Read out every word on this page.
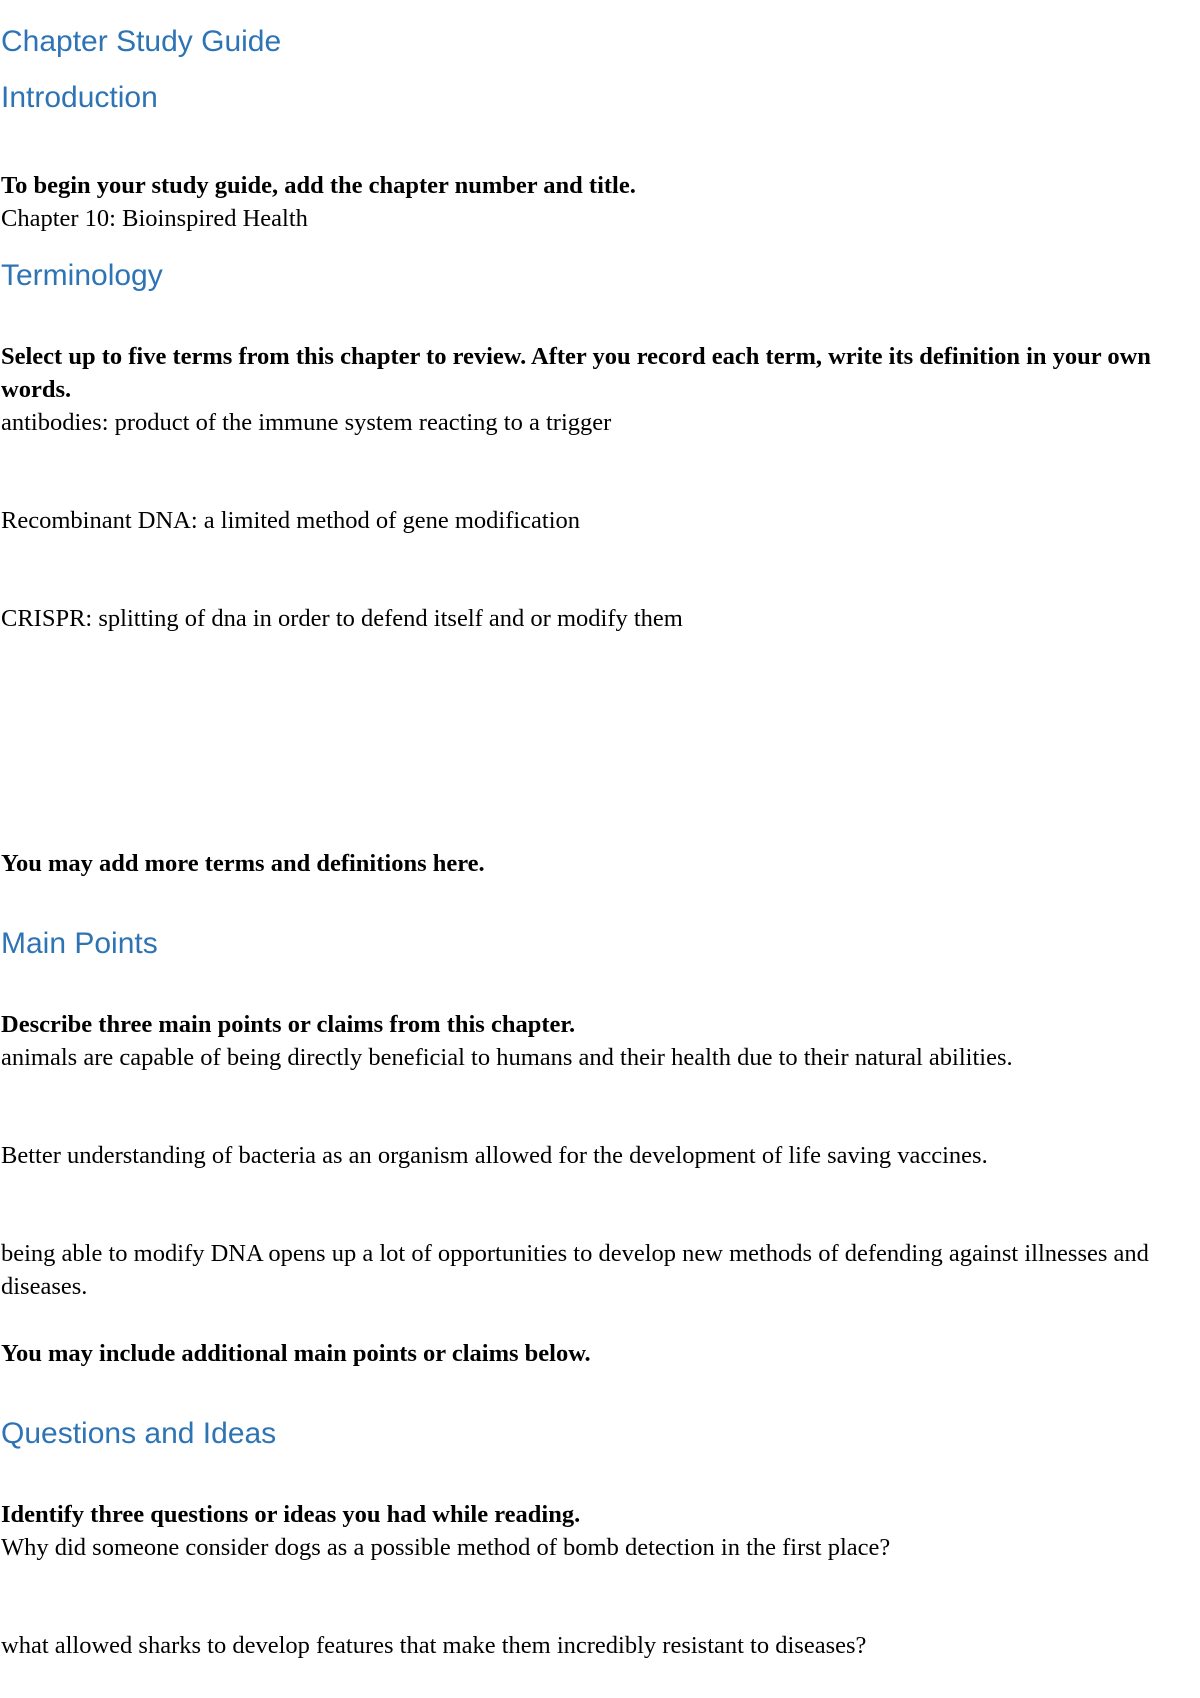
Chapter Study Guide
Introduction

To begin your study guide, add the chapter number and title.

Chapter 10: Bioinspired Health

Terminology

Select up to five terms from this chapter to review. After you record each term, write its definition in your own words.

antibodies: product of the immune system reacting to a trigger

Recombinant DNA: a limited method of gene modification

CRISPR: splitting of dna in order to defend itself and or modify them

You may add more terms and definitions here.

Main Points

Describe three main points or claims from this chapter.

animals are capable of being directly beneficial to humans and their health due to their natural abilities.

Better understanding of bacteria as an organism allowed for the development of life saving vaccines.

being able to modify DNA opens up a lot of opportunities to develop new methods of defending against illnesses and diseases.

You may include additional main points or claims below.

Questions and Ideas

Identify three questions or ideas you had while reading.

Why did someone consider dogs as a possible method of bomb detection in the first place?

what allowed sharks to develop features that make them incredibly resistant to diseases?
